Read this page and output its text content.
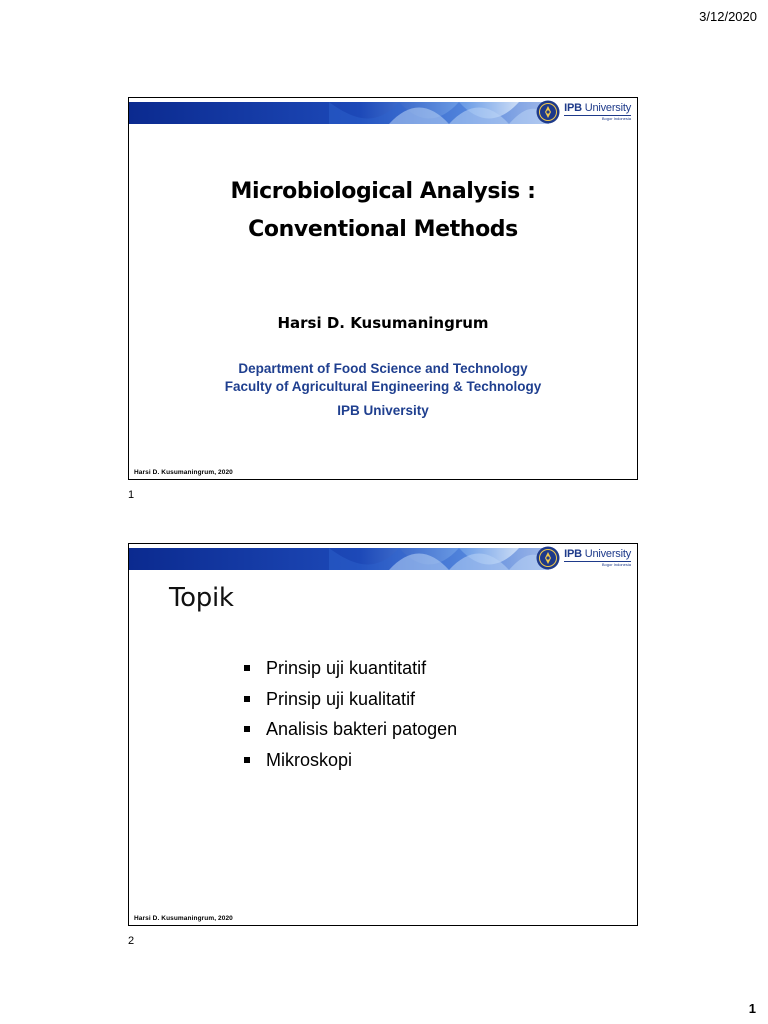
3/12/2020
IPB University
Bogor Indonesia
Microbiological Analysis :
Conventional Methods
Harsi D. Kusumaningrum
Department of Food Science and Technology
Faculty of Agricultural Engineering & Technology
IPB University
Harsi D. Kusumaningrum, 2020
1
IPB University
Bogor Indonesia
Topik
Prinsip uji kuantitatif
Prinsip uji kualitatif
Analisis bakteri patogen
Mikroskopi
Harsi D. Kusumaningrum, 2020
2
1
